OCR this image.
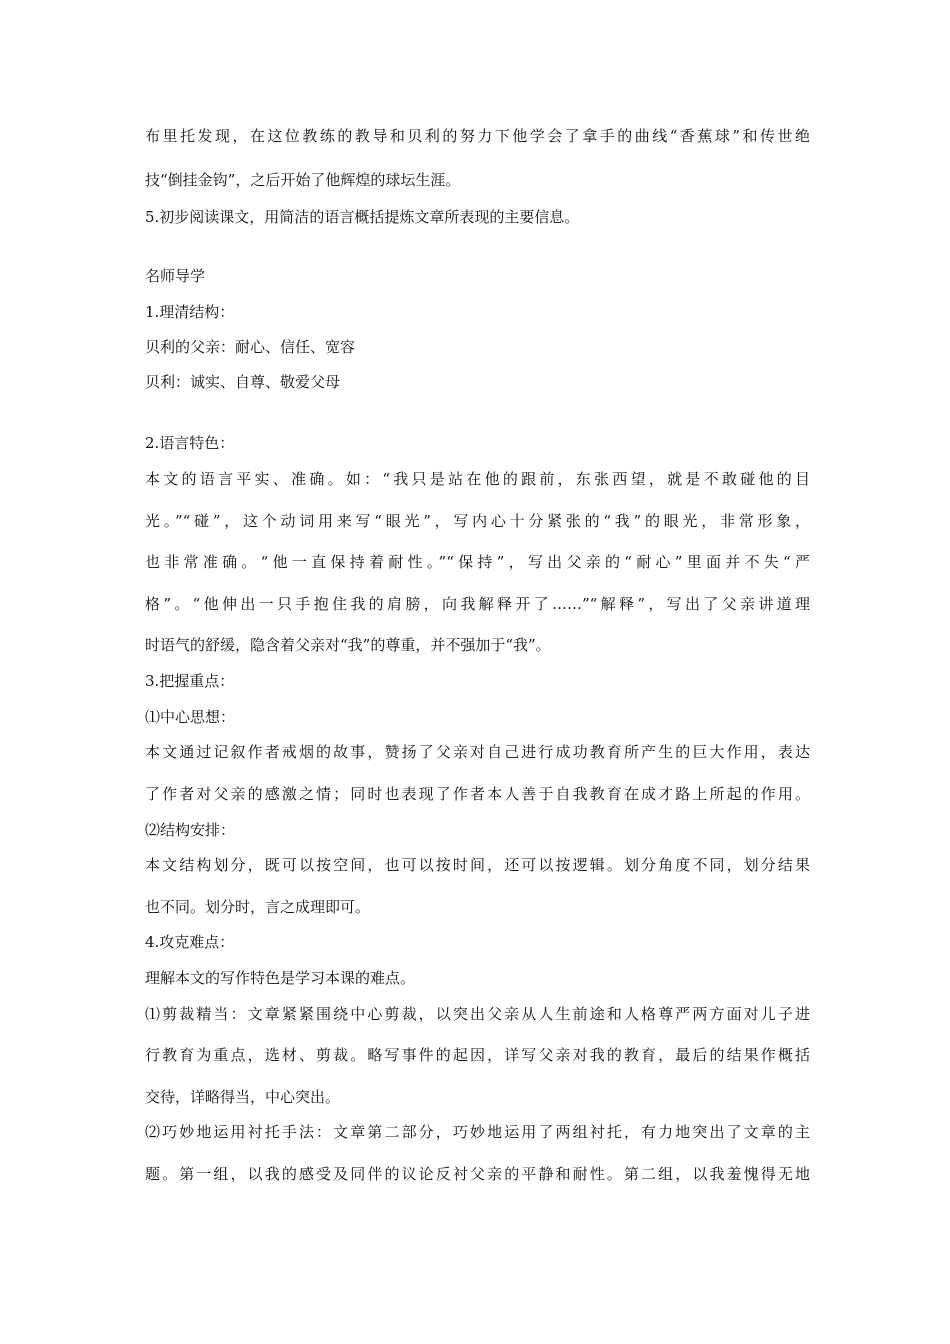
布里托发现，在这位教练的教导和贝利的努力下他学会了拿手的曲线“香蕉球”和传世绝
技“倒挂金钩”，之后开始了他辉煌的球坛生涯。
5.初步阅读课文，用简洁的语言概括提炼文章所表现的主要信息。
名师导学
1.理清结构：
贝利的父亲：耐心、信任、宽容
贝利：诚实、自尊、敬爱父母
2.语言特色：
本文的语言平实、准确。如：“我只是站在他的跟前，东张西望，就是不敢碰他的目
光。”“碰”，这个动词用来写“眼光”，写内心十分紧张的“我”的眼光，非常形象，
也非常准确。“他一直保持着耐性。”“保持”，写出父亲的“耐心”里面并不失“严
格”。“他伸出一只手抱住我的肩膀，向我解释开了……”“解释”，写出了父亲讲道理
时语气的舒缓，隐含着父亲对“我”的尊重，并不强加于“我”。
3.把握重点：
⑴中心思想：
本文通过记叙作者戒烟的故事，赞扬了父亲对自己进行成功教育所产生的巨大作用，表达
了作者对父亲的感激之情；同时也表现了作者本人善于自我教育在成才路上所起的作用。
⑵结构安排：
本文结构划分，既可以按空间，也可以按时间，还可以按逻辑。划分角度不同，划分结果
也不同。划分时，言之成理即可。
4.攻克难点：
理解本文的写作特色是学习本课的难点。
⑴剪裁精当：文章紧紧围绕中心剪裁，以突出父亲从人生前途和人格尊严两方面对儿子进
行教育为重点，选材、剪裁。略写事件的起因，详写父亲对我的教育，最后的结果作概括
交待，详略得当，中心突出。
⑵巧妙地运用衬托手法：文章第二部分，巧妙地运用了两组衬托，有力地突出了文章的主
题。第一组，以我的感受及同伴的议论反衬父亲的平静和耐性。第二组，以我羞愧得无地
